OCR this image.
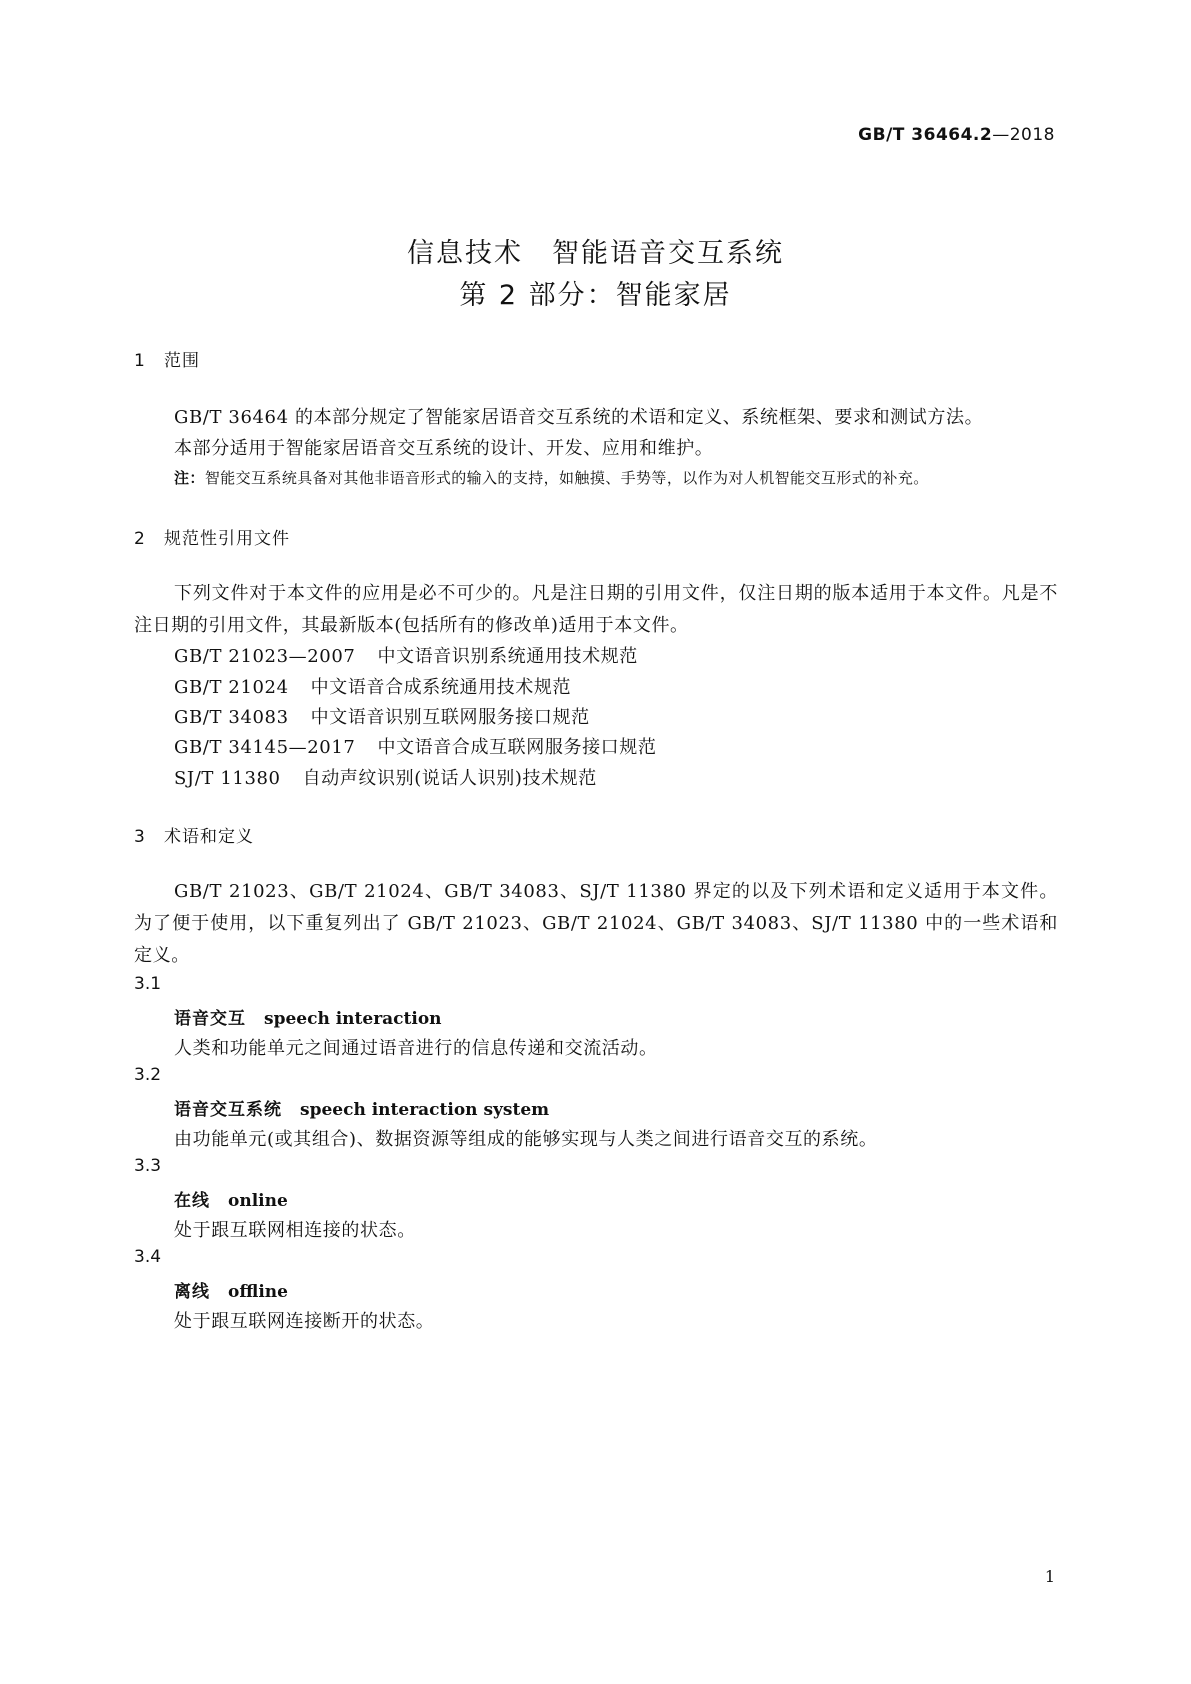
GB/T 36464.2—2018
信息技术　智能语音交互系统
第 2 部分：智能家居
1 范围
GB/T 36464 的本部分规定了智能家居语音交互系统的术语和定义、系统框架、要求和测试方法。
本部分适用于智能家居语音交互系统的设计、开发、应用和维护。
注：智能交互系统具备对其他非语音形式的输入的支持，如触摸、手势等，以作为对人机智能交互形式的补充。
2 规范性引用文件

下列文件对于本文件的应用是必不可少的。凡是注日期的引用文件，仅注日期的版本适用于本文件。凡是不注日期的引用文件，其最新版本(包括所有的修改单)适用于本文件。

GB/T 21023—2007 中文语音识别系统通用技术规范
GB/T 21024 中文语音合成系统通用技术规范
GB/T 34083 中文语音识别互联网服务接口规范
GB/T 34145—2017 中文语音合成互联网服务接口规范
SJ/T 11380 自动声纹识别(说话人识别)技术规范
3 术语和定义

GB/T 21023、GB/T 21024、GB/T 34083、SJ/T 11380 界定的以及下列术语和定义适用于本文件。为了便于使用，以下重复列出了 GB/T 21023、GB/T 21024、GB/T 34083、SJ/T 11380 中的一些术语和定义。

3.1
语音交互 speech interaction
人类和功能单元之间通过语音进行的信息传递和交流活动。
3.2
语音交互系统 speech interaction system
由功能单元(或其组合)、数据资源等组成的能够实现与人类之间进行语音交互的系统。
3.3
在线 online
处于跟互联网相连接的状态。
3.4
离线 offline
处于跟互联网连接断开的状态。
1
